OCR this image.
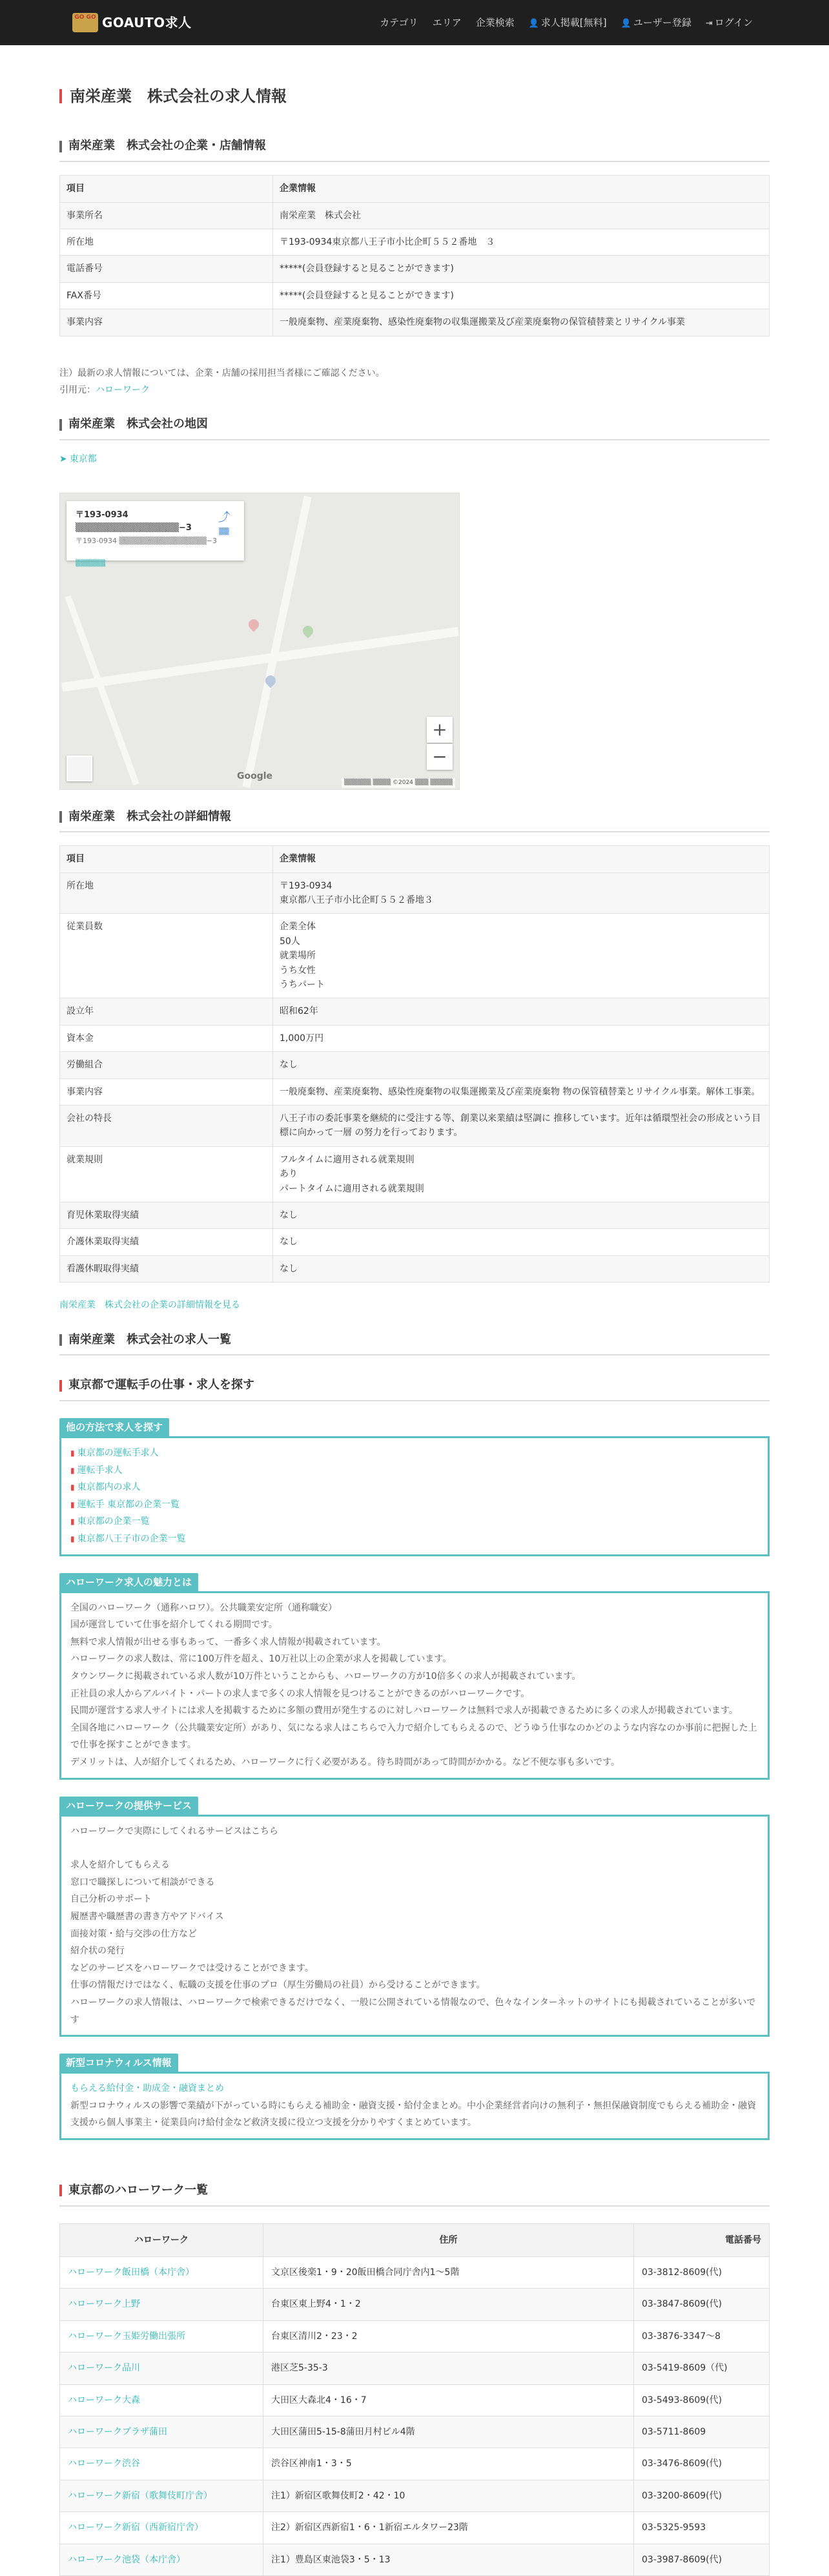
GO GO GOAUTO求人	カテゴリ エリア 企業検索 👤 求人掲載[無料] 👤 ユーザー登録 ⇥ ログイン
南栄産業　株式会社の求人情報
南栄産業　株式会社の企業・店舗情報
項目	企業情報
事業所名	南栄産業　株式会社
所在地	〒193-0934東京都八王子市小比企町５５２番地　３
電話番号	*****(会員登録すると見ることができます)
FAX番号	*****(会員登録すると見ることができます)
事業内容	一般廃棄物、産業廃棄物、感染性廃棄物の収集運搬業及び産業廃棄物の保管積替業とリサイクル事業

注）最新の求人情報については、企業・店舗の採用担当者様にご確認ください。

引用元：ハローワーク

南栄産業　株式会社の地図
➤ 東京都
〒193-0934 ▒▒▒▒▒▒▒▒▒▒▒▒▒▒▒▒−3
〒193-0934 ▒▒▒▒▒▒▒▒▒▒▒▒▒▒▒▒−3
▒▒▒▒▒▒
⤴
▒▒
+
−
Google
▒▒▒▒▒▒ ▒▒▒▒ ©2024 ▒▒▒ ▒▒▒▒▒
南栄産業　株式会社の詳細情報
項目	企業情報
所在地	〒193-0934
東京都八王子市小比企町５５２番地３

従業員数	企業全体
50人
就業場所
うち女性
うちパート

設立年	昭和62年

資本金	1,000万円

労働組合	なし

事業内容	一般廃棄物、産業廃棄物、感染性廃棄物の収集運搬業及び産業廃棄物 物の保管積替業とリサイクル事業。解体工事業。

会社の特長	八王子市の委託事業を継続的に受注する等、創業以来業績は堅調に 推移しています。近年は循環型社会の形成という目標に向かって一層 の努力を行っております。

就業規則	フルタイムに適用される就業規則
あり
パートタイムに適用される就業規則

育児休業取得実績	なし

介護休業取得実績	なし

看護休暇取得実績	なし
南栄産業　株式会社の企業の詳細情報を見る
南栄産業　株式会社の求人一覧
東京都で運転手の仕事・求人を探す
他の方法で求人を探す
▮ 東京都の運転手求人
▮ 運転手求人
▮ 東京都内の求人
▮ 運転手 東京都の企業一覧
▮ 東京都の企業一覧
▮ 東京都八王子市の企業一覧
ハローワーク求人の魅力とは
全国のハローワーク（通称ハロワ）。公共職業安定所（通称職安）
国が運営していて仕事を紹介してくれる期間です。
無料で求人情報が出せる事もあって、一番多く求人情報が掲載されています。
ハローワークの求人数は、常に100万件を超え、10万社以上の企業が求人を掲載しています。
タウンワークに掲載されている求人数が10万件ということからも、ハローワークの方が10倍多くの求人が掲載されています。
正社員の求人からアルバイト・パートの求人まで多くの求人情報を見つけることができるのがハローワークです。
民間が運営する求人サイトには求人を掲載するために多額の費用が発生するのに対しハローワークは無料で求人が掲載できるために多くの求人が掲載されています。
全国各地にハローワーク（公共職業安定所）があり、気になる求人はこちらで入力で紹介してもらえるので、どうゆう仕事なのかどのような内容なのか事前に把握した上で仕事を探すことができます。
デメリットは、人が紹介してくれるため、ハローワークに行く必要がある。待ち時間があって時間がかかる。など不便な事も多いです。
ハローワークの提供サービス
ハローワークで実際にしてくれるサービスはこちら
求人を紹介してもらえる
窓口で職探しについて相談ができる
自己分析のサポート
履歴書や職歴書の書き方やアドバイス
面接対策・給与交渉の仕方など
紹介状の発行
などのサービスをハローワークでは受けることができます。
仕事の情報だけではなく、転職の支援を仕事のプロ（厚生労働局の社員）から受けることができます。
ハローワークの求人情報は、ハローワークで検索できるだけでなく、一般に公開されている情報なので、色々なインターネットのサイトにも掲載されていることが多いです
新型コロナウィルス情報
もらえる給付金・助成金・融資まとめ
新型コロナウィルスの影響で業績が下がっている時にもらえる補助金・融資支援・給付金まとめ。中小企業経営者向けの無利子・無担保融資制度でもらえる補助金・融資支援から個人事業主・従業員向け給付金など救済支援に役立つ支援を分かりやすくまとめています。
東京都のハローワーク一覧
ハローワーク	住所	電話番号
ハローワーク飯田橋（本庁舎）	文京区後楽1・9・20飯田橋合同庁舎内1〜5階	03-3812-8609(代)
ハローワーク上野	台東区東上野4・1・2	03-3847-8609(代)
ハローワーク玉姫労働出張所	台東区清川2・23・2	03-3876-3347〜8
ハローワーク品川	港区芝5-35-3	03-5419-8609（代)
ハローワーク大森	大田区大森北4・16・7	03-5493-8609(代)
ハローワークプラザ蒲田	大田区蒲田5-15-8蒲田月村ビル4階	03-5711-8609
ハローワーク渋谷	渋谷区神南1・3・5	03-3476-8609(代)
ハローワーク新宿（歌舞伎町庁舎）	注1）新宿区歌舞伎町2・42・10	03-3200-8609(代)
ハローワーク新宿（西新宿庁舎）	注2）新宿区西新宿1・6・1新宿エルタワー23階	03-5325-9593
ハローワーク池袋（本庁舎）	注1）豊島区東池袋3・5・13	03-3987-8609(代)
